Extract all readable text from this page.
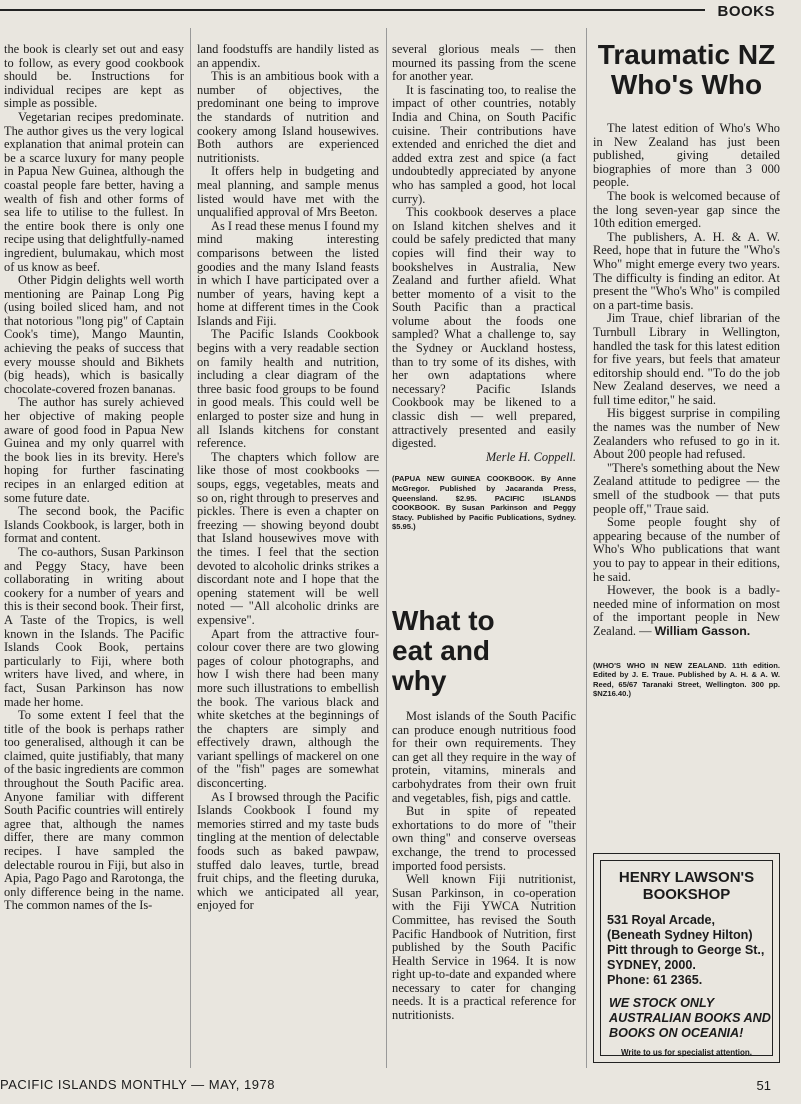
BOOKS

the book is clearly set out and easy to follow, as every good cookbook should be. Instructions for individual recipes are kept as simple as possible.

Vegetarian recipes predominate. The author gives us the very logical explanation that animal protein can be a scarce luxury for many people in Papua New Guinea, although the coastal people fare better, having a wealth of fish and other forms of sea life to utilise to the fullest. In the entire book there is only one recipe using that delightfully-named ingredient, bulumakau, which most of us know as beef.

Other Pidgin delights well worth mentioning are Painap Long Pig (using boiled sliced ham, and not that notorious "long pig" of Captain Cook's time), Mango Mauntin, achieving the peaks of success that every mousse should and Bikhets (big heads), which is basically chocolate-covered frozen bananas.

The author has surely achieved her objective of making people aware of good food in Papua New Guinea and my only quarrel with the book lies in its brevity. Here's hoping for further fascinating recipes in an enlarged edition at some future date.

The second book, the Pacific Islands Cookbook, is larger, both in format and content.

The co-authors, Susan Parkinson and Peggy Stacy, have been collaborating in writing about cookery for a number of years and this is their second book. Their first, A Taste of the Tropics, is well known in the Islands. The Pacific Islands Cook Book, pertains particularly to Fiji, where both writers have lived, and where, in fact, Susan Parkinson has now made her home.

To some extent I feel that the title of the book is perhaps rather too generalised, although it can be claimed, quite justifiably, that many of the basic ingredients are common throughout the South Pacific area. Anyone familiar with different South Pacific countries will entirely agree that, although the names differ, there are many common recipes. I have sampled the delectable rourou in Fiji, but also in Apia, Pago Pago and Rarotonga, the only difference being in the name. The common names of the Is-

land foodstuffs are handily listed as an appendix.

This is an ambitious book with a number of objectives, the predominant one being to improve the standards of nutrition and cookery among Island housewives. Both authors are experienced nutritionists.

It offers help in budgeting and meal planning, and sample menus listed would have met with the unqualified approval of Mrs Beeton.

As I read these menus I found my mind making interesting comparisons between the listed goodies and the many Island feasts in which I have participated over a number of years, having kept a home at different times in the Cook Islands and Fiji.

The Pacific Islands Cookbook begins with a very readable section on family health and nutrition, including a clear diagram of the three basic food groups to be found in good meals. This could well be enlarged to poster size and hung in all Islands kitchens for constant reference.

The chapters which follow are like those of most cookbooks — soups, eggs, vegetables, meats and so on, right through to preserves and pickles. There is even a chapter on freezing — showing beyond doubt that Island housewives move with the times. I feel that the section devoted to alcoholic drinks strikes a discordant note and I hope that the opening statement will be well noted — "All alcoholic drinks are expensive".

Apart from the attractive four-colour cover there are two glowing pages of colour photographs, and how I wish there had been many more such illustrations to embellish the book. The various black and white sketches at the beginnings of the chapters are simply and effectively drawn, although the variant spellings of mackerel on one of the "fish" pages are somewhat disconcerting.

As I browsed through the Pacific Islands Cookbook I found my memories stirred and my taste buds tingling at the mention of delectable foods such as baked pawpaw, stuffed dalo leaves, turtle, bread fruit chips, and the fleeting duruka, which we anticipated all year, enjoyed for

several glorious meals — then mourned its passing from the scene for another year.

It is fascinating too, to realise the impact of other countries, notably India and China, on South Pacific cuisine. Their contributions have extended and enriched the diet and added extra zest and spice (a fact undoubtedly appreciated by anyone who has sampled a good, hot local curry).

This cookbook deserves a place on Island kitchen shelves and it could be safely predicted that many copies will find their way to bookshelves in Australia, New Zealand and further afield. What better momento of a visit to the South Pacific than a practical volume about the foods one sampled? What a challenge to, say the Sydney or Auckland hostess, than to try some of its dishes, with her own adaptations where necessary? Pacific Islands Cookbook may be likened to a classic dish — well prepared, attractively presented and easily digested.

Merle H. Coppell.

(PAPUA NEW GUINEA COOKBOOK. By Anne McGregor. Published by Jacaranda Press, Queensland. $2.95. PACIFIC ISLANDS COOKBOOK. By Susan Parkinson and Peggy Stacy. Published by Pacific Publications, Sydney. $5.95.)

What to eat and why

Most islands of the South Pacific can produce enough nutritious food for their own requirements. They can get all they require in the way of protein, vitamins, minerals and carbohydrates from their own fruit and vegetables, fish, pigs and cattle.

But in spite of repeated exhortations to do more of "their own thing" and conserve overseas exchange, the trend to processed imported food persists.

Well known Fiji nutritionist, Susan Parkinson, in co-operation with the Fiji YWCA Nutrition Committee, has revised the South Pacific Handbook of Nutrition, first published by the South Pacific Health Service in 1964. It is now right up-to-date and expanded where necessary to cater for changing needs. It is a practical reference for nutritionists.

Traumatic NZ Who's Who

The latest edition of Who's Who in New Zealand has just been published, giving detailed biographies of more than 3 000 people.

The book is welcomed because of the long seven-year gap since the 10th edition emerged.

The publishers, A. H. & A. W. Reed, hope that in future the "Who's Who" might emerge every two years. The difficulty is finding an editor. At present the "Who's Who" is compiled on a part-time basis.

Jim Traue, chief librarian of the Turnbull Library in Wellington, handled the task for this latest edition for five years, but feels that amateur editorship should end. "To do the job New Zealand deserves, we need a full time editor," he said.

His biggest surprise in compiling the names was the number of New Zealanders who refused to go in it. About 200 people had refused.

"There's something about the New Zealand attitude to pedigree — the smell of the studbook — that puts people off," Traue said.

Some people fought shy of appearing because of the number of Who's Who publications that want you to pay to appear in their editions, he said.

However, the book is a badly-needed mine of information on most of the important people in New Zealand. — William Gasson.

(WHO'S WHO IN NEW ZEALAND. 11th edition. Edited by J. E. Traue. Published by A. H. & A. W. Reed, 65/67 Taranaki Street, Wellington. 300 pp. $NZ16.40.)

HENRY LAWSON'S BOOKSHOP
531 Royal Arcade,
(Beneath Sydney Hilton)
Pitt through to George St.,
SYDNEY, 2000.
Phone: 61 2365.
WE STOCK ONLY AUSTRALIAN BOOKS AND BOOKS ON OCEANIA!
Write to us for specialist attention.
PACIFIC ISLANDS MONTHLY — MAY, 1978	51
